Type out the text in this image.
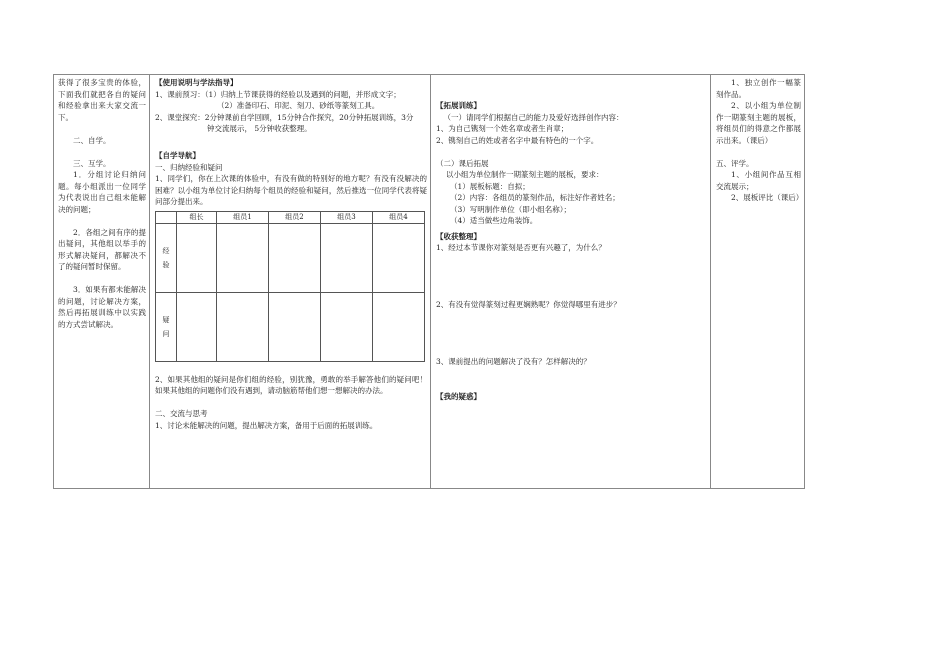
获得了很多宝贵的体验，下面我们就把各自的疑问和经验拿出来大家交流一下。

二、自学。

三、互学。

1．分组讨论归纳问题。每小组派出一位同学为代表说出自己组未能解决的问题；

2．各组之间有序的提出疑问，其他组以举手的形式解决疑问，都解决不了的疑问暂时保留。

3．如果有都未能解决的问题，讨论解决方案，然后再拓展训练中以实践的方式尝试解决。

【使用说明与学法指导】

1、课前预习：（1）归纳上节课获得的经验以及遇到的问题，并形成文字；

（2）准备印石、印泥、刻刀、砂纸等篆刻工具。

2、课堂探究：2分钟课前自学回顾，15分钟合作探究，20分钟拓展训练，3分

钟交流展示， 5分钟收获整理。

【自学导航】

一、归纳经验和疑问

1、同学们，你在上次课的体验中，有没有做的特别好的地方呢？有没有没解决的困难？以小组为单位讨论归纳每个组员的经验和疑问，然后推选一位同学代表将疑问部分提出来。

	组长	组员1	组员2	组员3	组员4
经验					
疑问					

2、如果其他组的疑问是你们组的经验，别犹豫，勇敢的举手解答他们的疑问吧！如果其他组的问题你们没有遇到，请动脑筋帮他们想一想解决的办法。

二、交流与思考

1、讨论未能解决的问题，提出解决方案，备用于后面的拓展训练。

【拓展训练】

（一）请同学们根据自己的能力及爱好选择创作内容：

1、为自己镌刻一个姓名章或者生肖章；

2、镌刻自己的姓或者名字中最有特色的一个字。

（二）课后拓展

以小组为单位制作一期篆刻主题的展板，要求：

（1）展板标题：自拟；

（2）内容：各组员的篆刻作品，标注好作者姓名；

（3）写明制作单位（即小组名称）；

（4）适当做些边角装饰。

【收获整理】

1、经过本节课你对篆刻是否更有兴趣了，为什么？

2、有没有觉得篆刻过程更娴熟呢？你觉得哪里有进步？

3、课前提出的问题解决了没有？怎样解决的？

【我的疑惑】

1、独立创作一幅篆刻作品。

2、以小组为单位制作一期篆刻主题的展板，将组员们的得意之作都展示出来。（课后）

五、评学。

1、小组间作品互相交流展示；

2、展板评比（课后）
